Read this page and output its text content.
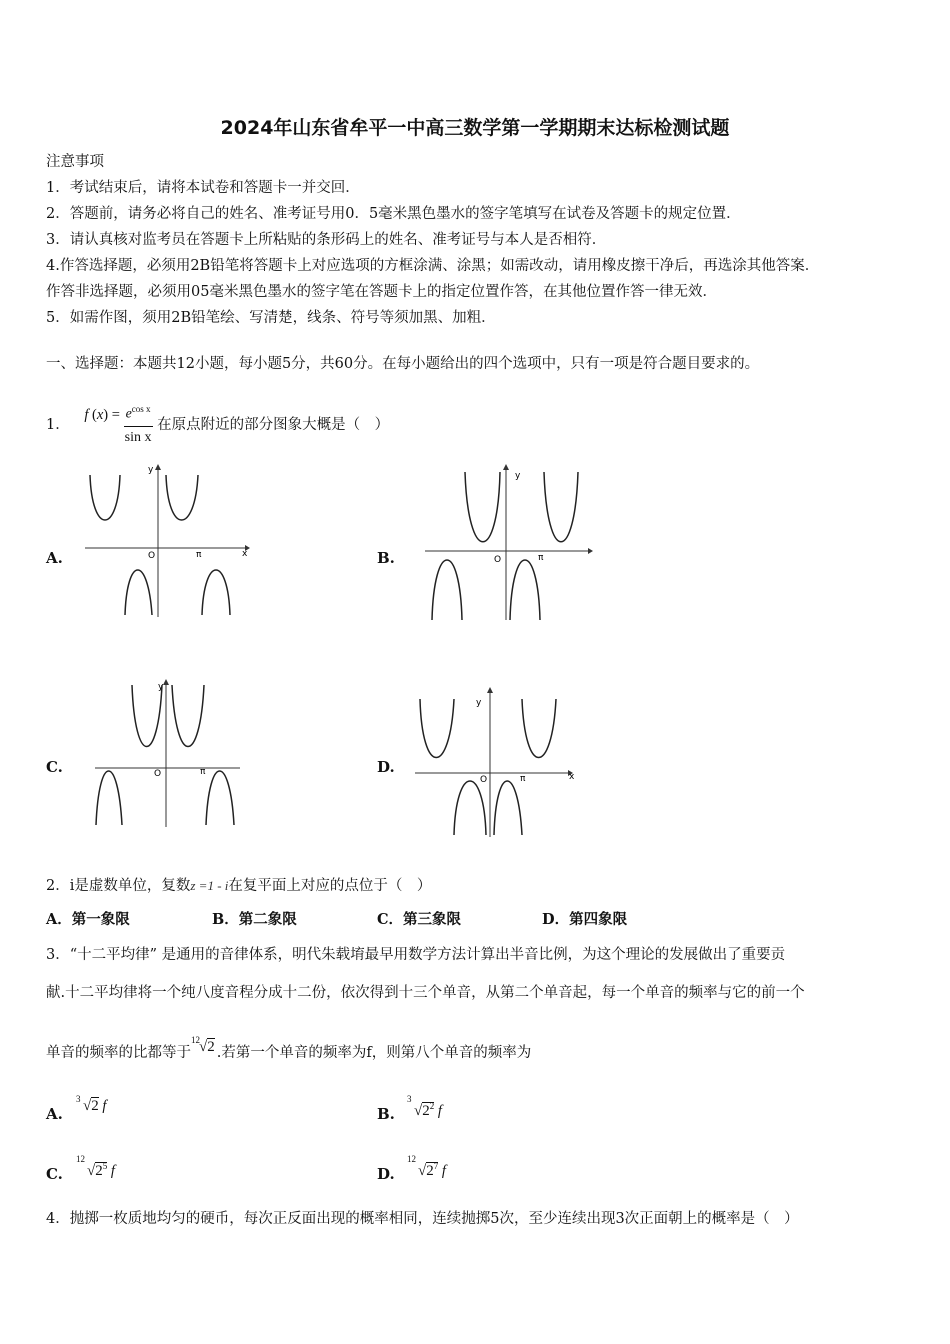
2024年山东省牟平一中高三数学第一学期期末达标检测试题
注意事项
1．考试结束后，请将本试卷和答题卡一并交回．
2．答题前，请务必将自己的姓名、准考证号用0．5毫米黑色墨水的签字笔填写在试卷及答题卡的规定位置．
3．请认真核对监考员在答题卡上所粘贴的条形码上的姓名、准考证号与本人是否相符．
4.作答选择题，必须用2B铅笔将答题卡上对应选项的方框涂满、涂黑；如需改动，请用橡皮擦干净后，再选涂其他答案．
作答非选择题，必须用05毫米黑色墨水的签字笔在答题卡上的指定位置作答，在其他位置作答一律无效．
5．如需作图，须用2B铅笔绘、写清楚，线条、符号等须加黑、加粗．
一、选择题：本题共12小题，每小题5分，共60分。在每小题给出的四个选项中，只有一项是符合题目要求的。
1． f $(x) = \frac{e^{cos x}}{\text{sin x}}$ 在原点附近的部分图象大概是（　）
A.	B.
C.	D.
y
x
O	π
y
O	π
y
O	π
y
x
O	π
2．i是虚数单位，复数z =1 - i在复平面上对应的点位于（　）
A．第一象限	B．第二象限	C．第三象限	D．第四象限
3．“十二平均律” 是通用的音律体系，明代朱载堉最早用数学方法计算出半音比例，为这个理论的发展做出了重要贡
献.十二平均律将一个纯八度音程分成十二份，依次得到十三个单音，从第二个单音起，每一个单音的频率与它的前一个
单音的频率的比都等于
12 √2 .若第一个单音的频率为f，则第八个单音的频率为
A.
3 √2 f	B.
3
$√2^2$ f
C.
12
$√2^5$ f	D.
12
$√2^7$ f
4．抛掷一枚质地均匀的硬币，每次正反面出现的概率相同，连续抛掷5次，至少连续出现3次正面朝上的概率是（　）
